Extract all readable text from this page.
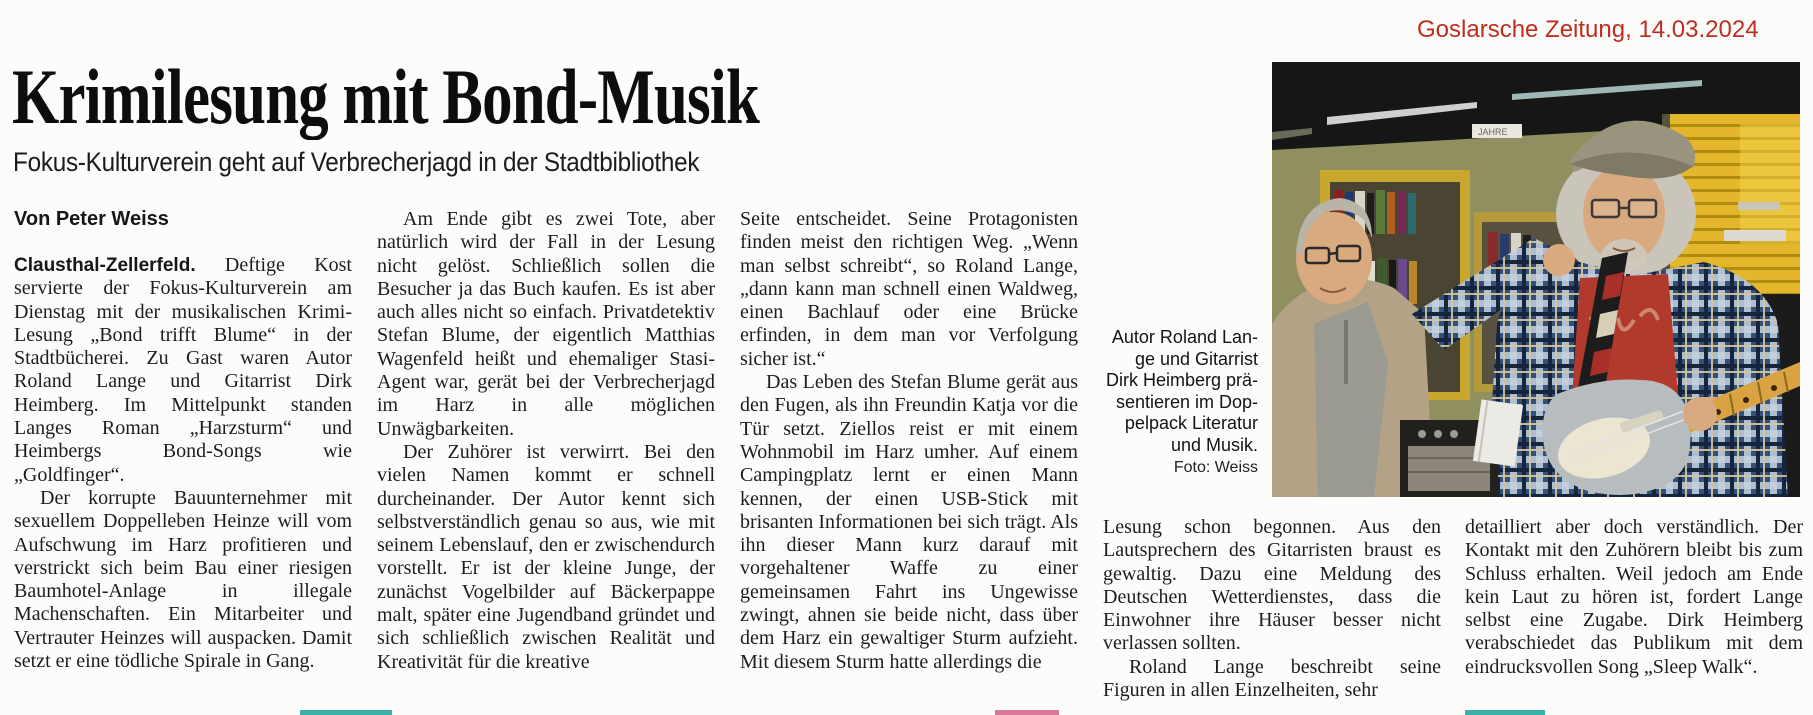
Goslarsche Zeitung, 14.03.2024
Krimilesung mit Bond-Musik
Fokus-Kulturverein geht auf Verbrecherjagd in der Stadtbibliothek
Von Peter Weiss

Clausthal-Zellerfeld. Deftige Kost servierte der Fokus-Kulturverein am Dienstag mit der musikalischen Krimi-Lesung „Bond trifft Blume“ in der Stadtbücherei. Zu Gast waren Autor Roland Lange und Gitarrist Dirk Heimberg. Im Mittelpunkt standen Langes Roman „Harzsturm“ und Heimbergs Bond-Songs wie „Goldfinger“.

Der korrupte Bauunternehmer mit sexuellem Doppelleben Heinze will vom Aufschwung im Harz profitieren und verstrickt sich beim Bau einer riesigen Baumhotel-Anlage in illegale Machenschaften. Ein Mitarbeiter und Vertrauter Heinzes will auspacken. Damit setzt er eine tödliche Spirale in Gang.

Am Ende gibt es zwei Tote, aber natürlich wird der Fall in der Lesung nicht gelöst. Schließlich sollen die Besucher ja das Buch kaufen. Es ist aber auch alles nicht so einfach. Privatdetektiv Stefan Blume, der eigentlich Matthias Wagenfeld heißt und ehemaliger Stasi-Agent war, gerät bei der Verbrecherjagd im Harz in alle möglichen Unwägbarkeiten.

Der Zuhörer ist verwirrt. Bei den vielen Namen kommt er schnell durcheinander. Der Autor kennt sich selbstverständlich genau so aus, wie mit seinem Lebenslauf, den er zwischendurch vorstellt. Er ist der kleine Junge, der zunächst Vogelbilder auf Bäckerpappe malt, später eine Jugendband gründet und sich schließlich zwischen Realität und Kreativität für die kreative

Seite entscheidet. Seine Protagonisten finden meist den richtigen Weg. „Wenn man selbst schreibt“, so Roland Lange, „dann kann man schnell einen Waldweg, einen Bachlauf oder eine Brücke erfinden, in dem man vor Verfolgung sicher ist.“

Das Leben des Stefan Blume gerät aus den Fugen, als ihn Freundin Katja vor die Tür setzt. Ziellos reist er mit einem Wohnmobil im Harz umher. Auf einem Campingplatz lernt er einen Mann kennen, der einen USB-Stick mit brisanten Informationen bei sich trägt. Als ihn dieser Mann kurz darauf mit vorgehaltener Waffe zu einer gemeinsamen Fahrt ins Ungewisse zwingt, ahnen sie beide nicht, dass über dem Harz ein gewaltiger Sturm aufzieht. Mit diesem Sturm hatte allerdings die

Lesung schon begonnen. Aus den Lautsprechern des Gitarristen braust es gewaltig. Dazu eine Meldung des Deutschen Wetterdienstes, dass die Einwohner ihre Häuser besser nicht verlassen sollten.

Roland Lange beschreibt seine Figuren in allen Einzelheiten, sehr

detailliert aber doch verständlich. Der Kontakt mit den Zuhörern bleibt bis zum Schluss erhalten. Weil jedoch am Ende kein Laut zu hören ist, fordert Lange selbst eine Zugabe. Dirk Heimberg verabschiedet das Publikum mit dem eindrucksvollen Song „Sleep Walk“.

Autor Roland Lan-
ge und Gitarrist
Dirk Heimberg prä-
sentieren im Dop-
pelpack Literatur
und Musik.
Foto: Weiss
JAHRE
